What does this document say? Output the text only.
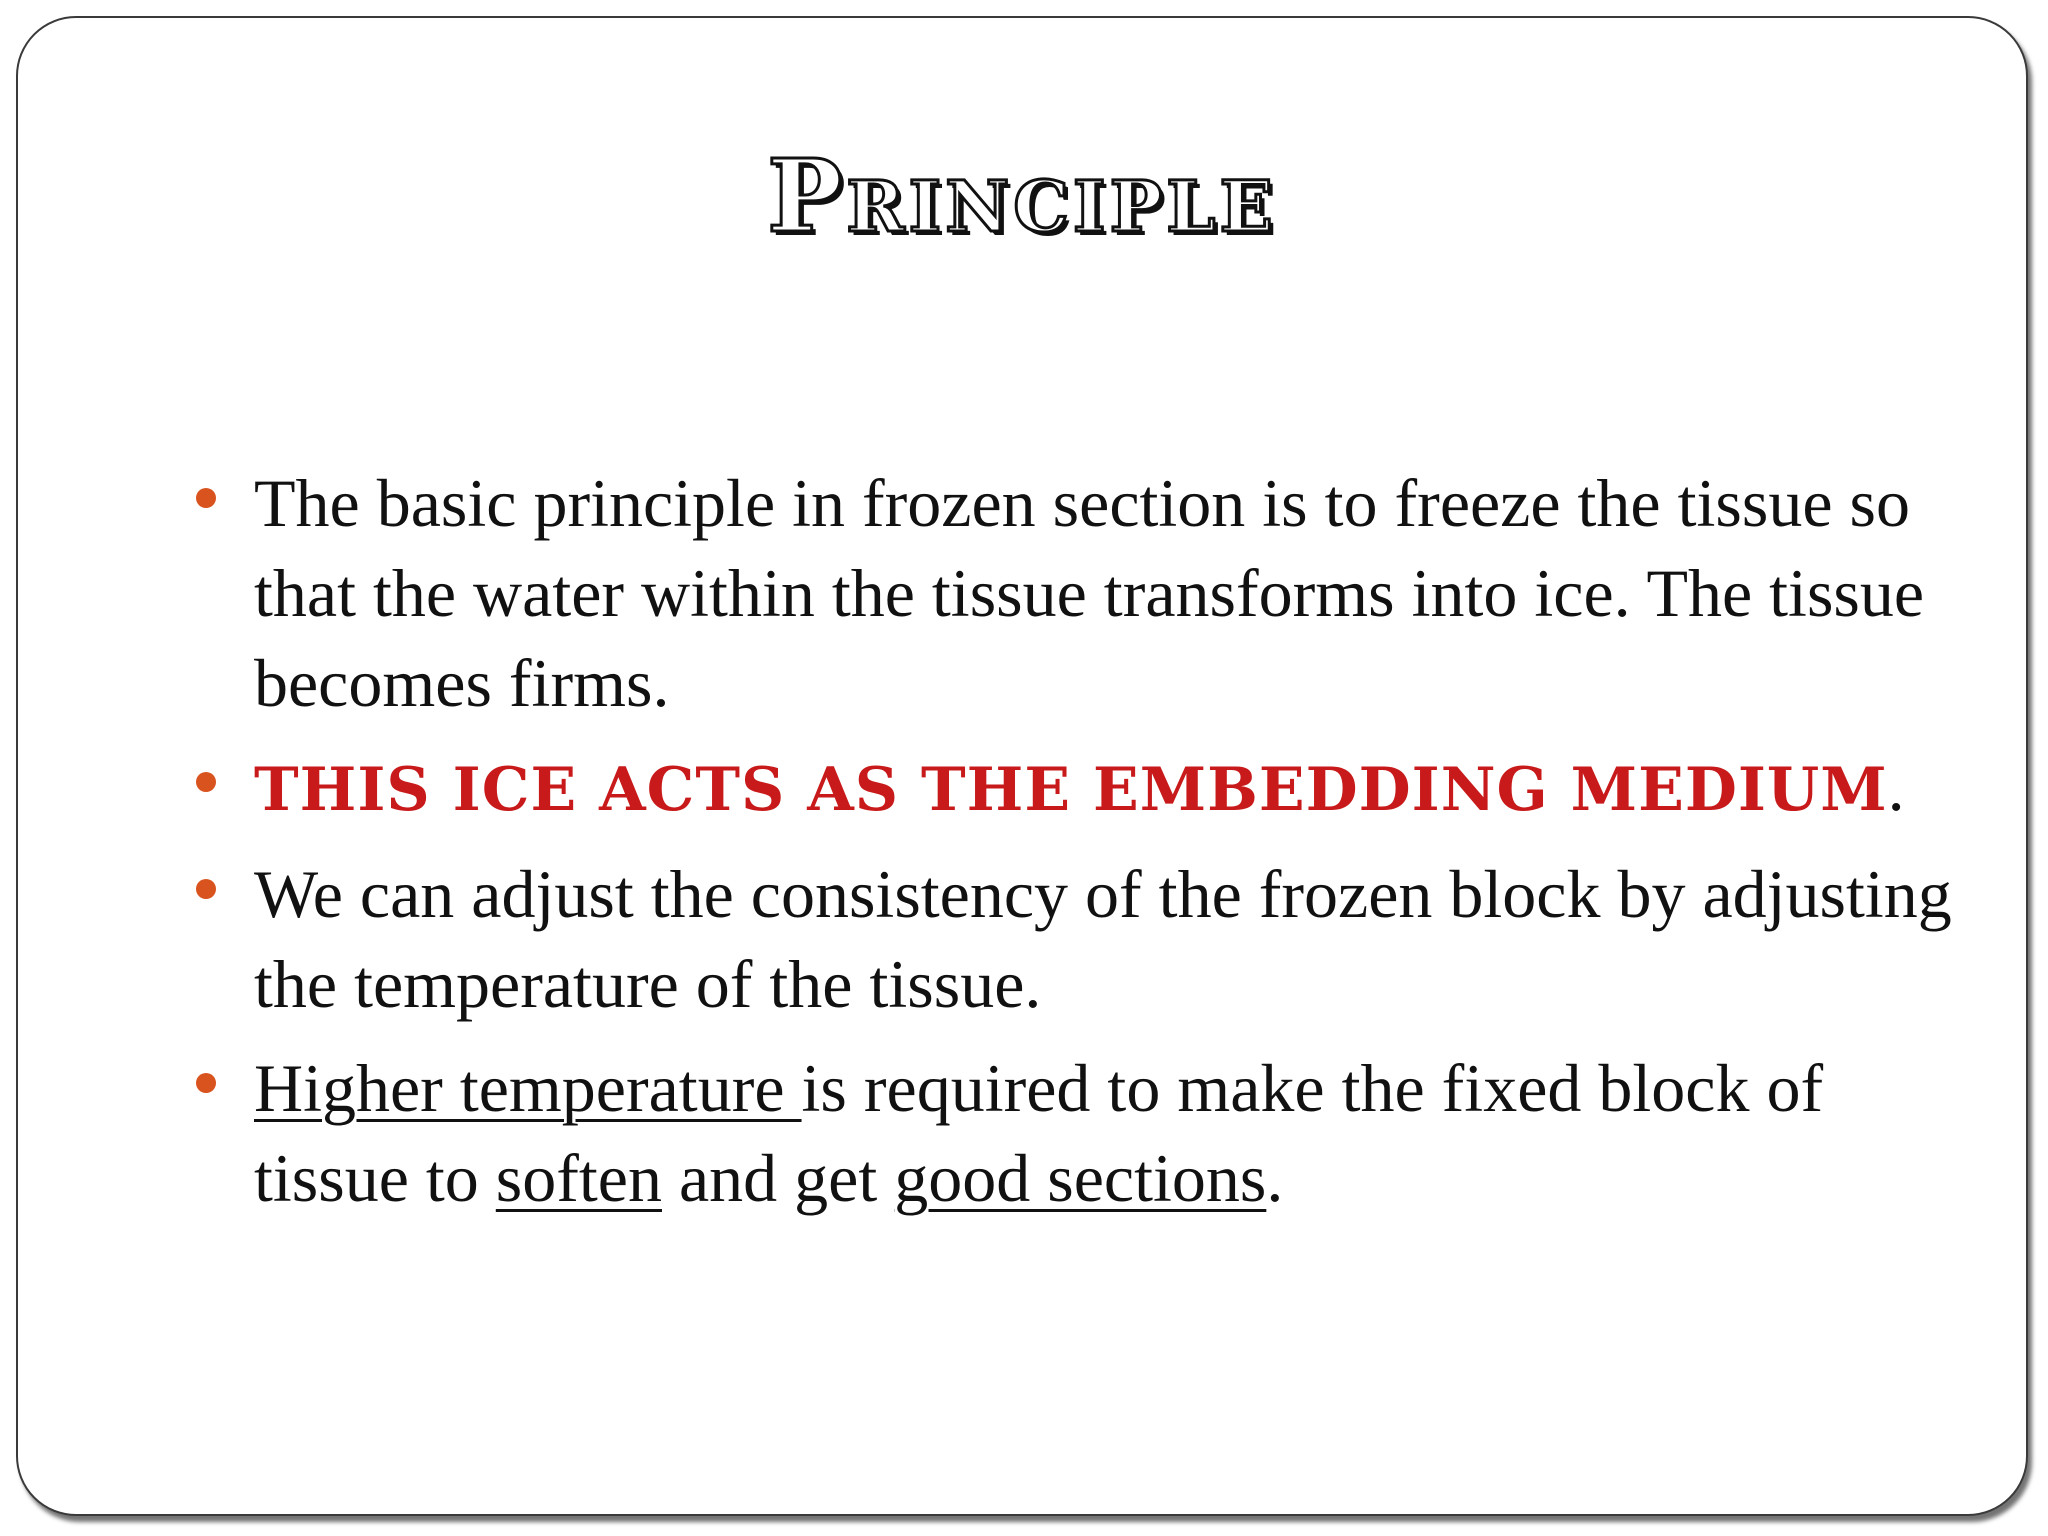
Principle
The basic principle in frozen section is to freeze the tissue so that the water within the tissue transforms into ice. The tissue becomes firms.
THIS ICE ACTS AS THE EMBEDDING MEDIUM.
We can adjust the consistency of the frozen block by adjusting the temperature of the tissue.
Higher temperature is required to make the fixed block of tissue to soften and get good sections.
